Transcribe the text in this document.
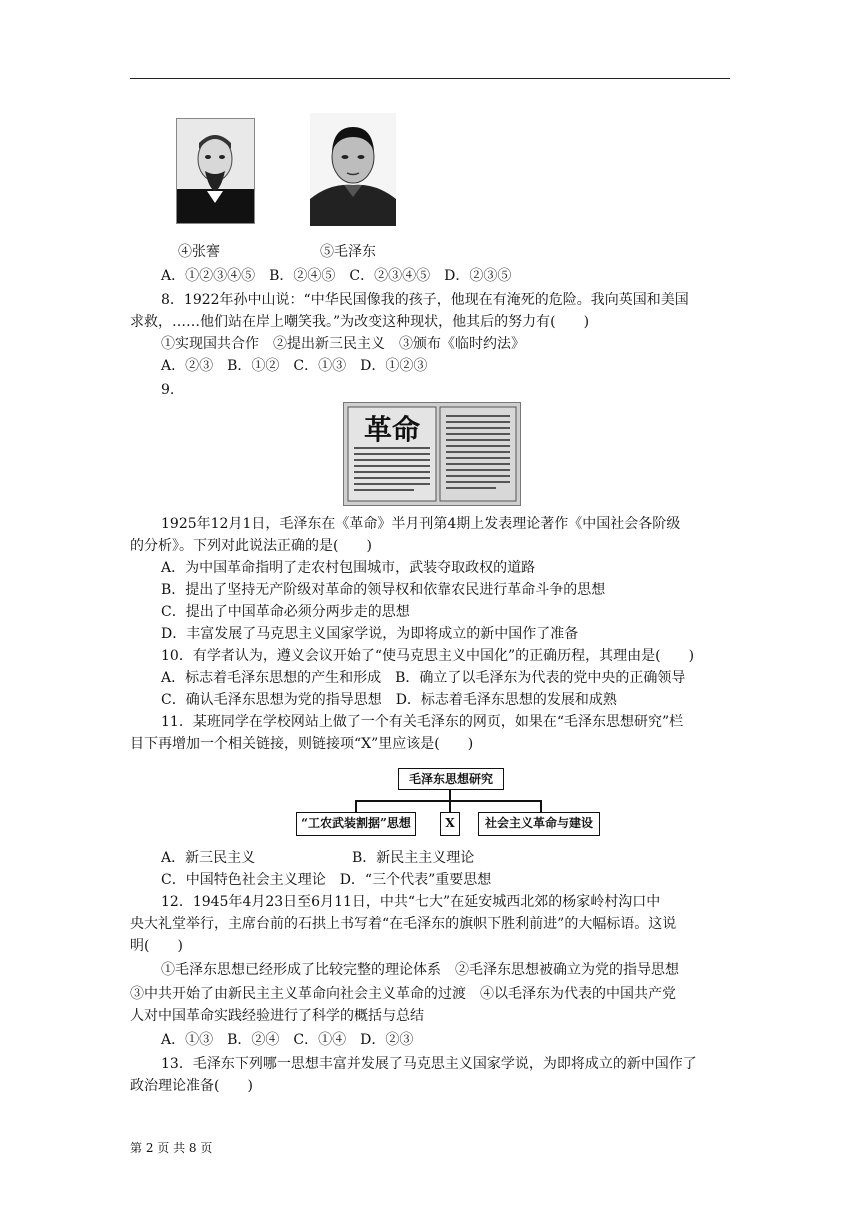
④张謇	⑤毛泽东
A．①②③④⑤　B．②④⑤　C．②③④⑤　D．②③⑤
8．1922年孙中山说：“中华民国像我的孩子，他现在有淹死的危险。我向英国和美国
求救，……他们站在岸上嘲笑我。”为改变这种现状，他其后的努力有(　　)
①实现国共合作　②提出新三民主义　③颁布《临时约法》
A．②③　B．①②　C．①③　D．①②③
9.
革命
1925年12月1日，毛泽东在《革命》半月刊第4期上发表理论著作《中国社会各阶级
的分析》。下列对此说法正确的是(　　)
A．为中国革命指明了走农村包围城市，武装夺取政权的道路
B．提出了坚持无产阶级对革命的领导权和依靠农民进行革命斗争的思想
C．提出了中国革命必须分两步走的思想
D．丰富发展了马克思主义国家学说，为即将成立的新中国作了准备
10．有学者认为，遵义会议开始了“使马克思主义中国化”的正确历程，其理由是(　　)
A．标志着毛泽东思想的产生和形成　B．确立了以毛泽东为代表的党中央的正确领导
C．确认毛泽东思想为党的指导思想　D．标志着毛泽东思想的发展和成熟
11．某班同学在学校网站上做了一个有关毛泽东的网页，如果在“毛泽东思想研究”栏
目下再增加一个相关链接，则链接项“X”里应该是(　　)
毛泽东思想研究
“工农武装割据”思想	X	社会主义革命与建设
A．新三民主义	B．新民主主义理论
C．中国特色社会主义理论　D．“三个代表”重要思想
12．1945年4月23日至6月11日，中共“七大”在延安城西北郊的杨家岭村沟口中
央大礼堂举行，主席台前的石拱上书写着“在毛泽东的旗帜下胜利前进”的大幅标语。这说
明(　　)
①毛泽东思想已经形成了比较完整的理论体系　②毛泽东思想被确立为党的指导思想
③中共开始了由新民主主义革命向社会主义革命的过渡　④以毛泽东为代表的中国共产党
人对中国革命实践经验进行了科学的概括与总结
A．①③　B．②④　C．①④　D．②③
13．毛泽东下列哪一思想丰富并发展了马克思主义国家学说，为即将成立的新中国作了
政治理论准备(　　)
第 2 页 共 8 页
